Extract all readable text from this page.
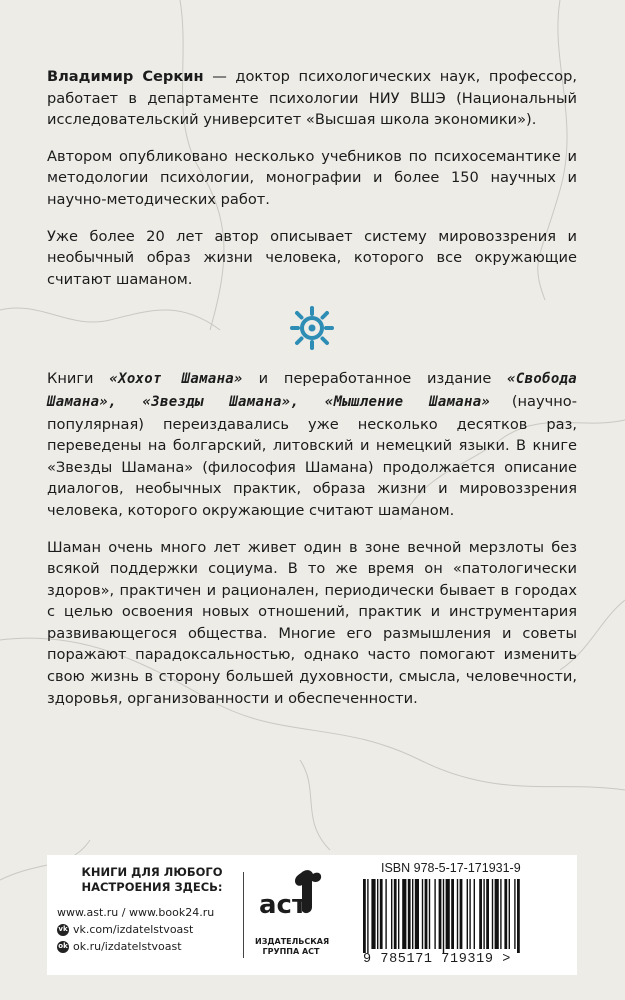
Владимир Серкин — доктор психологических наук, профессор, работает в департаменте психологии НИУ ВШЭ (Национальный исследовательский университет «Высшая школа экономики»).

Автором опубликовано несколько учебников по психосемантике и методологии психологии, монографии и более 150 научных и научно-методических работ.

Уже более 20 лет автор описывает систему мировоззрения и необычный образ жизни человека, которого все окружающие считают шаманом.

Книги «Хохот Шамана» и переработанное издание «Свобода Шамана», «Звезды Шамана», «Мышление Шамана» (научно-популярная) переиздавались уже несколько десятков раз, переведены на болгарский, литовский и немецкий языки. В книге «Звезды Шамана» (философия Шамана) продолжается описание диалогов, необычных практик, образа жизни и мировоззрения человека, которого окружающие считают шаманом.

Шаман очень много лет живет один в зоне вечной мерзлоты без всякой поддержки социума. В то же время он «патологически здоров», практичен и рационален, периодически бывает в городах с целью освоения новых отношений, практик и инструментария развивающегося общества. Многие его размышления и советы поражают парадоксальностью, однако часто помогают изменить свою жизнь в сторону большей духовности, смысла, человечности, здоровья, организованности и обеспеченности.

КНИГИ ДЛЯ ЛЮБОГО
НАСТРОЕНИЯ ЗДЕСЬ:
www.ast.ru / www.book24.ru
vk vk.com/izdatelstvoast
ok ok.ru/izdatelstvoast
аст
ИЗДАТЕЛЬСКАЯ
ГРУППА АСТ
ISBN 978-5-17-171931-9
9 785171 719319 >
